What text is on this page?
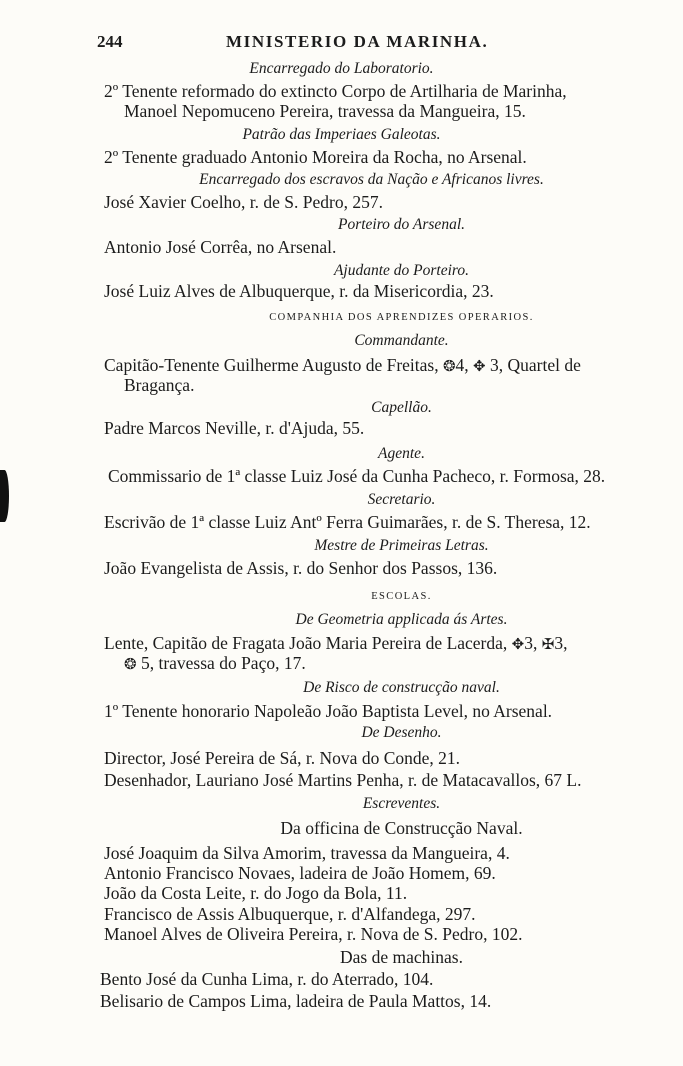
244	MINISTERIO DA MARINHA.
Encarregado do Laboratorio.
2º Tenente reformado do extincto Corpo de Artilharia de Marinha,
Manoel Nepomuceno Pereira, travessa da Mangueira, 15.
Patrão das Imperiaes Galeotas.
2º Tenente graduado Antonio Moreira da Rocha, no Arsenal.
Encarregado dos escravos da Nação e Africanos livres.
José Xavier Coelho, r. de S. Pedro, 257.
Porteiro do Arsenal.
Antonio José Corrêa, no Arsenal.
Ajudante do Porteiro.
José Luiz Alves de Albuquerque, r. da Misericordia, 23.
COMPANHIA DOS APRENDIZES OPERARIOS.
Commandante.
Capitão-Tenente Guilherme Augusto de Freitas, ❂4, ✥ 3, Quartel de
Bragança.
Capellão.
Padre Marcos Neville, r. d'Ajuda, 55.
Agente.
Commissario de 1ª classe Luiz José da Cunha Pacheco, r. Formosa, 28.
Secretario.
Escrivão de 1ª classe Luiz Antº Ferra Guimarães, r. de S. Theresa, 12.
Mestre de Primeiras Letras.
João Evangelista de Assis, r. do Senhor dos Passos, 136.
ESCOLAS.
De Geometria applicada ás Artes.
Lente, Capitão de Fragata João Maria Pereira de Lacerda, ✥3, ✠3,
❂ 5, travessa do Paço, 17.
De Risco de construcção naval.
1º Tenente honorario Napoleão João Baptista Level, no Arsenal.
De Desenho.
Director, José Pereira de Sá, r. Nova do Conde, 21.
Desenhador, Lauriano José Martins Penha, r. de Matacavallos, 67 L.
Escreventes.
Da officina de Construcção Naval.
José Joaquim da Silva Amorim, travessa da Mangueira, 4.
Antonio Francisco Novaes, ladeira de João Homem, 69.
João da Costa Leite, r. do Jogo da Bola, 11.
Francisco de Assis Albuquerque, r. d'Alfandega, 297.
Manoel Alves de Oliveira Pereira, r. Nova de S. Pedro, 102.
Das de machinas.
Bento José da Cunha Lima, r. do Aterrado, 104.
Belisario de Campos Lima, ladeira de Paula Mattos, 14.
